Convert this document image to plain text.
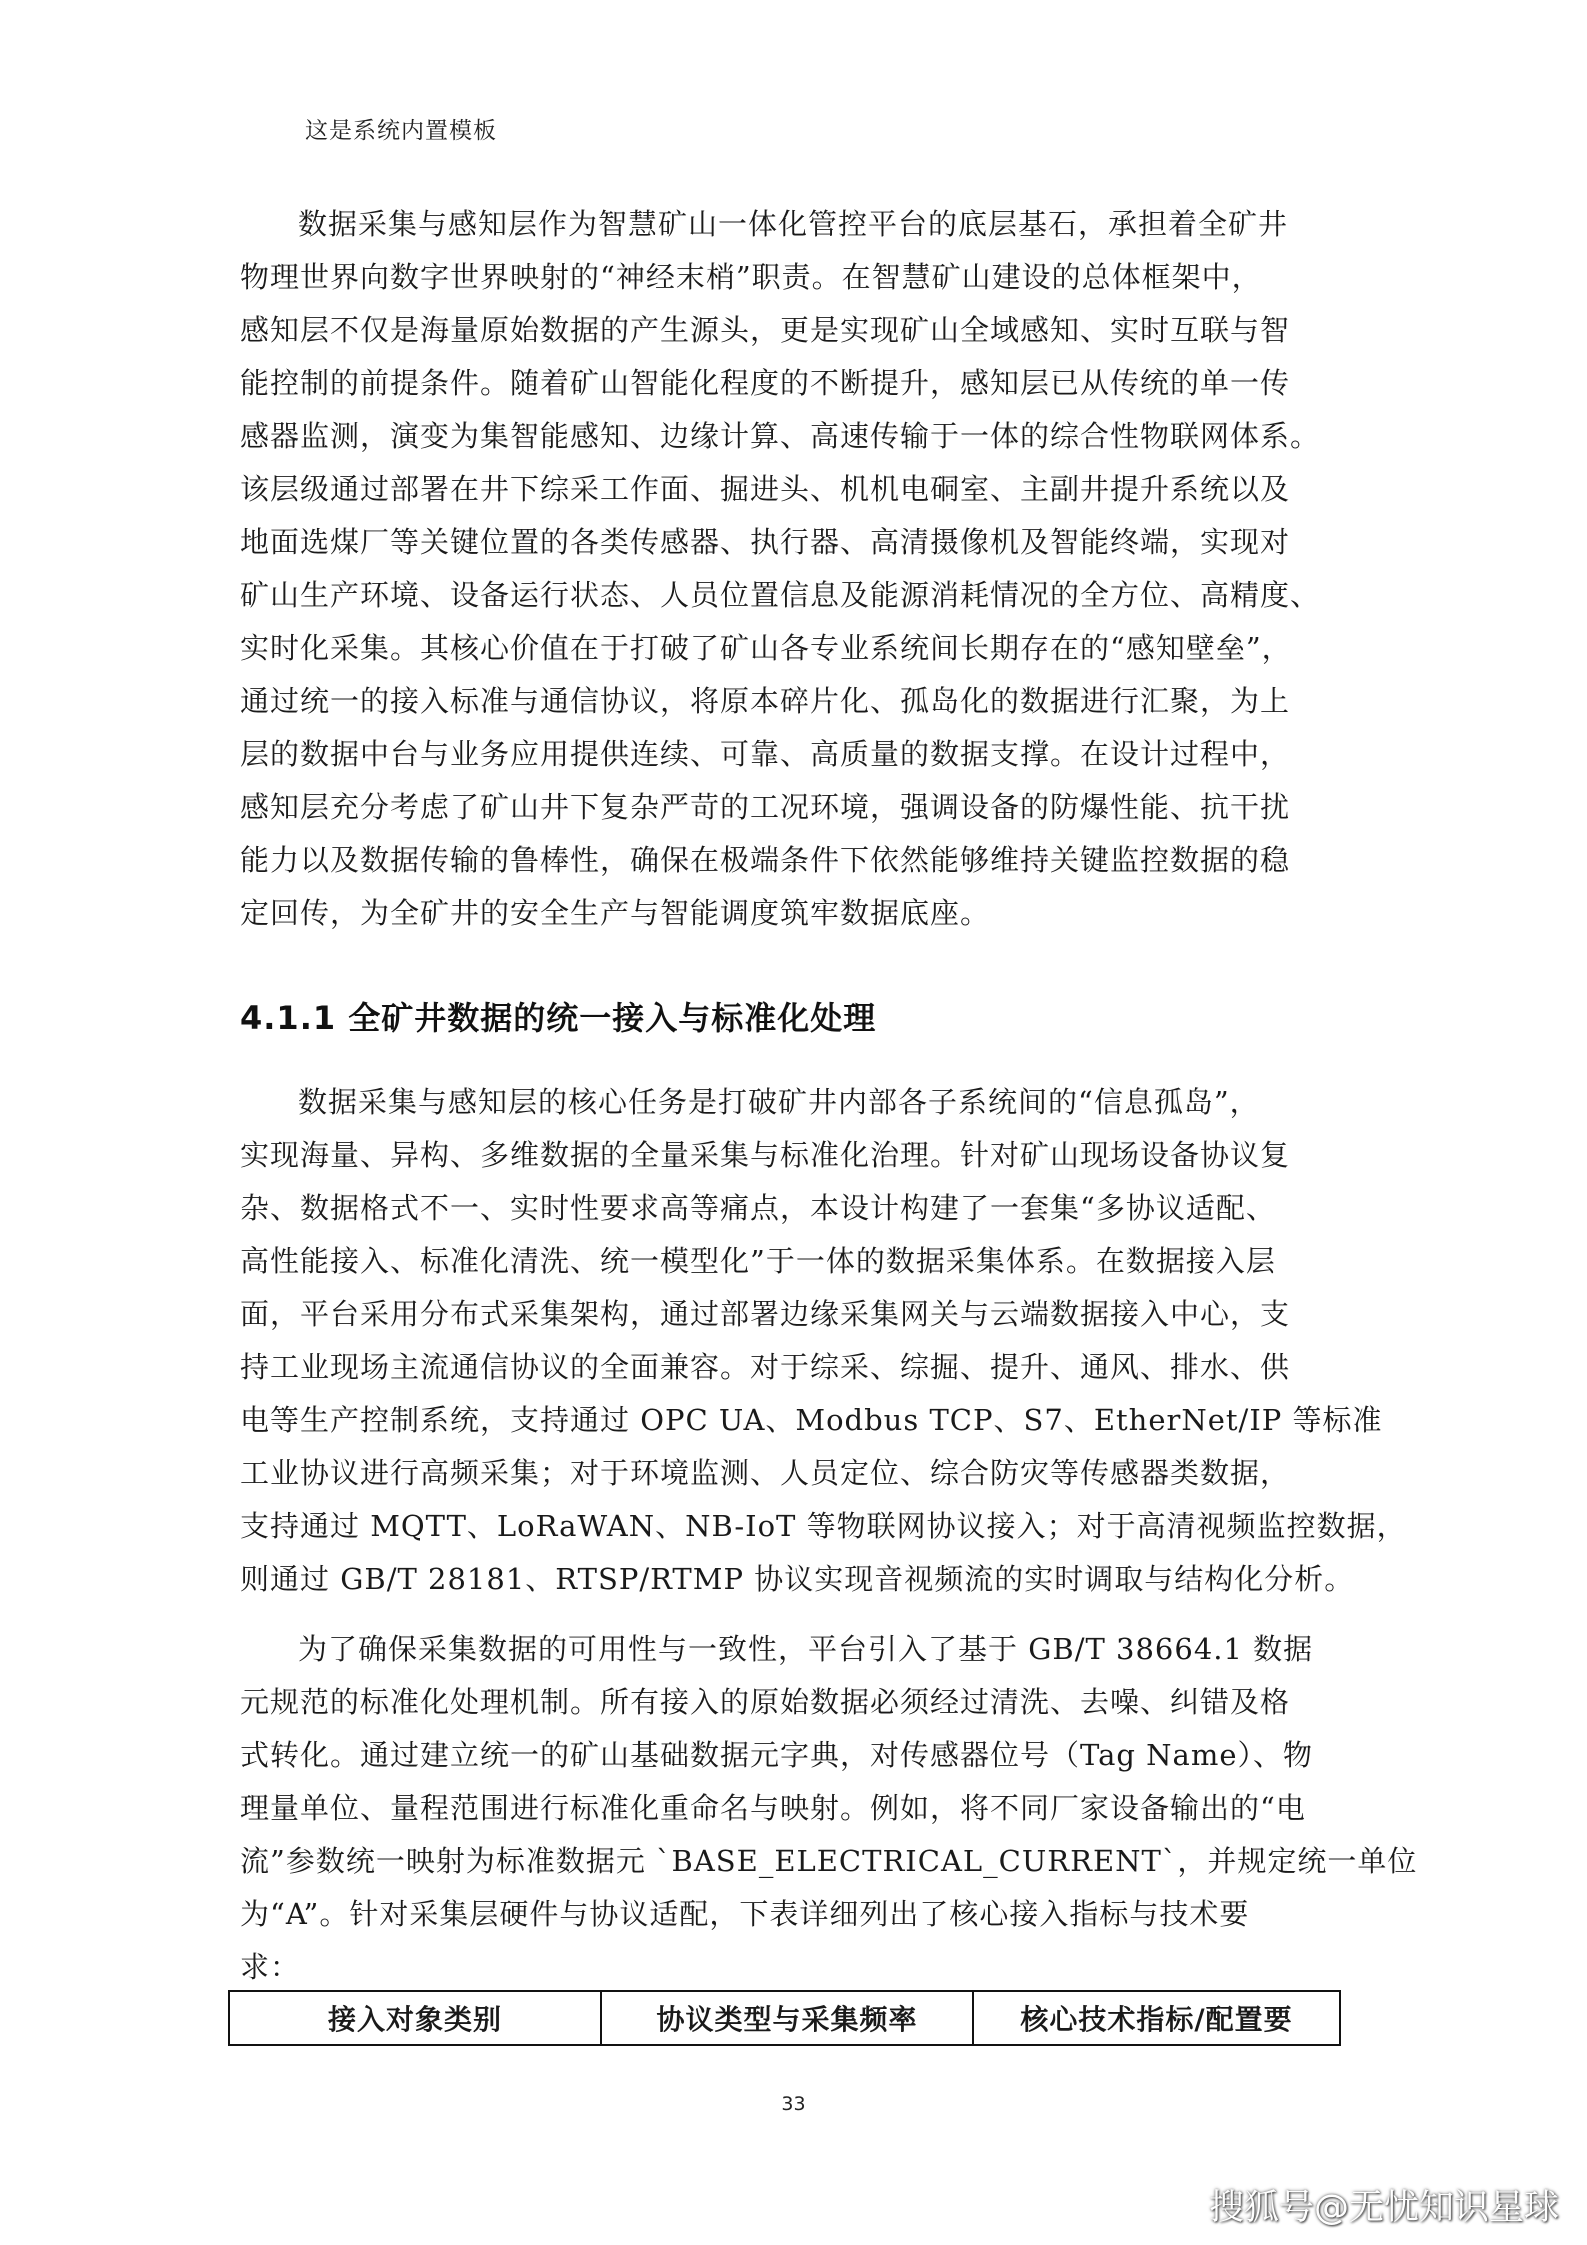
这是系统内置模板
数据采集与感知层作为智慧矿山一体化管控平台的底层基石，承担着全矿井
物理世界向数字世界映射的“神经末梢”职责。在智慧矿山建设的总体框架中，
感知层不仅是海量原始数据的产生源头，更是实现矿山全域感知、实时互联与智
能控制的前提条件。随着矿山智能化程度的不断提升，感知层已从传统的单一传
感器监测，演变为集智能感知、边缘计算、高速传输于一体的综合性物联网体系。
该层级通过部署在井下综采工作面、掘进头、机机电硐室、主副井提升系统以及
地面选煤厂等关键位置的各类传感器、执行器、高清摄像机及智能终端，实现对
矿山生产环境、设备运行状态、人员位置信息及能源消耗情况的全方位、高精度、
实时化采集。其核心价值在于打破了矿山各专业系统间长期存在的“感知壁垒”，
通过统一的接入标准与通信协议，将原本碎片化、孤岛化的数据进行汇聚，为上
层的数据中台与业务应用提供连续、可靠、高质量的数据支撑。在设计过程中，
感知层充分考虑了矿山井下复杂严苛的工况环境，强调设备的防爆性能、抗干扰
能力以及数据传输的鲁棒性，确保在极端条件下依然能够维持关键监控数据的稳
定回传，为全矿井的安全生产与智能调度筑牢数据底座。
4.1.1 全矿井数据的统一接入与标准化处理
数据采集与感知层的核心任务是打破矿井内部各子系统间的“信息孤岛”，
实现海量、异构、多维数据的全量采集与标准化治理。针对矿山现场设备协议复
杂、数据格式不一、实时性要求高等痛点，本设计构建了一套集“多协议适配、
高性能接入、标准化清洗、统一模型化”于一体的数据采集体系。在数据接入层
面，平台采用分布式采集架构，通过部署边缘采集网关与云端数据接入中心，支
持工业现场主流通信协议的全面兼容。对于综采、综掘、提升、通风、排水、供
电等生产控制系统，支持通过 OPC UA、Modbus TCP、S7、EtherNet/IP 等标准
工业协议进行高频采集；对于环境监测、人员定位、综合防灾等传感器类数据，
支持通过 MQTT、LoRaWAN、NB-IoT 等物联网协议接入；对于高清视频监控数据，
则通过 GB/T 28181、RTSP/RTMP 协议实现音视频流的实时调取与结构化分析。
为了确保采集数据的可用性与一致性，平台引入了基于 GB/T 38664.1 数据
元规范的标准化处理机制。所有接入的原始数据必须经过清洗、去噪、纠错及格
式转化。通过建立统一的矿山基础数据元字典，对传感器位号（Tag Name）、物
理量单位、量程范围进行标准化重命名与映射。例如，将不同厂家设备输出的“电
流”参数统一映射为标准数据元 `BASE_ELECTRICAL_CURRENT`，并规定统一单位
为“A”。针对采集层硬件与协议适配，下表详细列出了核心接入指标与技术要
求：
接入对象类别	协议类型与采集频率	核心技术指标/配置要
33
搜狐号@无忧知识星球
